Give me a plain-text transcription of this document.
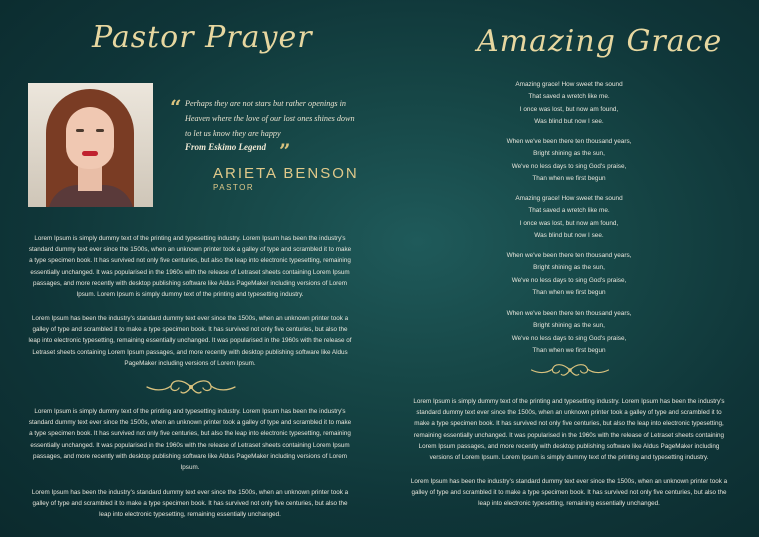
Pastor Prayer
“ Perhaps they are not stars but rather openings in Heaven where the love of our lost ones shines down to let us know they are happy
From Eskimo Legend ”
ARIETA BENSON
PASTOR
Lorem Ipsum is simply dummy text of the printing and typesetting industry. Lorem Ipsum has been the industry's standard dummy text ever since the 1500s, when an unknown printer took a galley of type and scrambled it to make a type specimen book. It has survived not only five centuries, but also the leap into electronic typesetting, remaining essentially unchanged. It was popularised in the 1960s with the release of Letraset sheets containing Lorem Ipsum passages, and more recently with desktop publishing software like Aldus PageMaker including versions of Lorem Ipsum. Lorem Ipsum is simply dummy text of the printing and typesetting industry.
Lorem Ipsum has been the industry's standard dummy text ever since the 1500s, when an unknown printer took a galley of type and scrambled it to make a type specimen book. It has survived not only five centuries, but also the leap into electronic typesetting, remaining essentially unchanged. It was popularised in the 1960s with the release of Letraset sheets containing Lorem Ipsum passages, and more recently with desktop publishing software like Aldus PageMaker including versions of Lorem Ipsum.
Lorem Ipsum is simply dummy text of the printing and typesetting industry. Lorem Ipsum has been the industry's standard dummy text ever since the 1500s, when an unknown printer took a galley of type and scrambled it to make a type specimen book. It has survived not only five centuries, but also the leap into electronic typesetting, remaining essentially unchanged. It was popularised in the 1960s with the release of Letraset sheets containing Lorem Ipsum passages, and more recently with desktop publishing software like Aldus PageMaker including versions of Lorem Ipsum.
Lorem Ipsum has been the industry's standard dummy text ever since the 1500s, when an unknown printer took a galley of type and scrambled it to make a type specimen book. It has survived not only five centuries, but also the leap into electronic typesetting, remaining essentially unchanged.
Amazing Grace
Amazing grace! How sweet the sound
That saved a wretch like me.
I once was lost, but now am found,
Was blind but now I see.
When we've been there ten thousand years,
Bright shining as the sun,
We've no less days to sing God's praise,
Than when we first begun
Amazing grace! How sweet the sound
That saved a wretch like me.
I once was lost, but now am found,
Was blind but now I see.
When we've been there ten thousand years,
Bright shining as the sun,
We've no less days to sing God's praise,
Than when we first begun
When we've been there ten thousand years,
Bright shining as the sun,
We've no less days to sing God's praise,
Than when we first begun
Lorem Ipsum is simply dummy text of the printing and typesetting industry. Lorem Ipsum has been the industry's standard dummy text ever since the 1500s, when an unknown printer took a galley of type and scrambled it to make a type specimen book. It has survived not only five centuries, but also the leap into electronic typesetting, remaining essentially unchanged. It was popularised in the 1960s with the release of Letraset sheets containing Lorem Ipsum passages, and more recently with desktop publishing software like Aldus PageMaker including versions of Lorem Ipsum. Lorem Ipsum is simply dummy text of the printing and typesetting industry.
Lorem Ipsum has been the industry's standard dummy text ever since the 1500s, when an unknown printer took a galley of type and scrambled it to make a type specimen book. It has survived not only five centuries, but also the leap into electronic typesetting, remaining essentially unchanged.
